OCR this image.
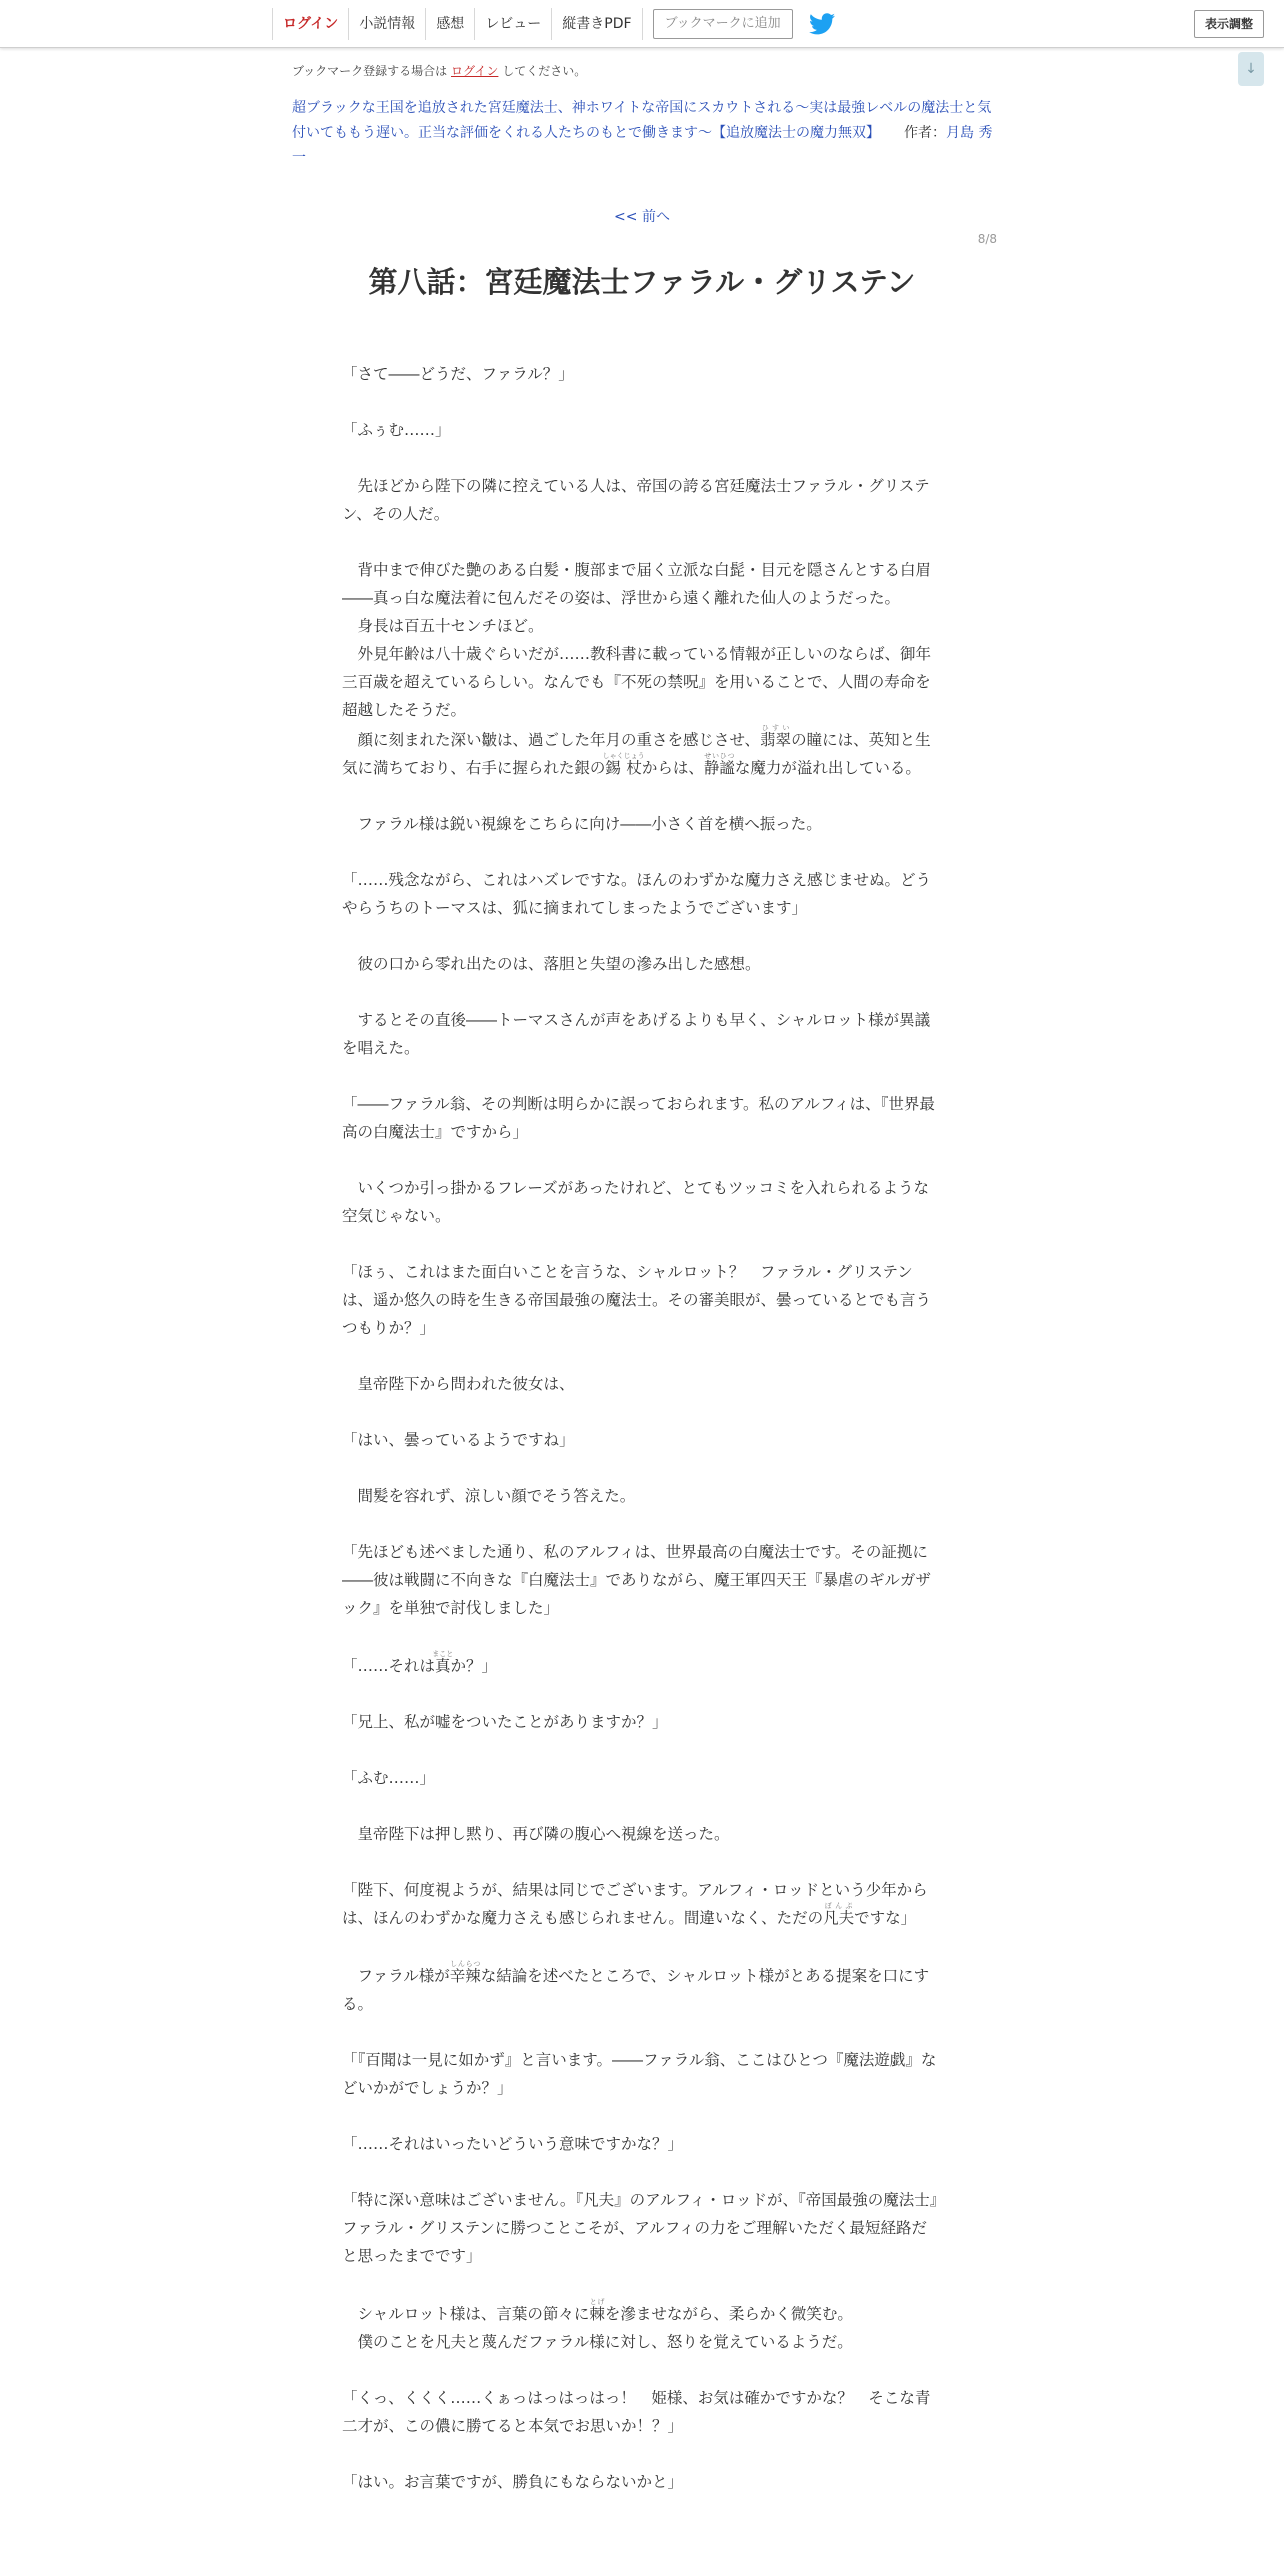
ログイン	小説情報	感想	レビュー	縦書きPDF	ブックマークに追加	表示調整
↓
ブックマーク登録する場合は ログイン してください。
超ブラックな王国を追放された宮廷魔法士、神ホワイトな帝国にスカウトされる～実は最強レベルの魔法士と気付いてももう遅い。正当な評価をくれる人たちのもとで働きます～【追放魔法士の魔力無双】 作者：月島 秀一
<< 前へ
8/8
第八話：宮廷魔法士ファラル・グリステン

「さて――どうだ、ファラル？」

「ふぅむ……」

　先ほどから陛下の隣に控えている人は、帝国の誇る宮廷魔法士ファラル・グリステン、その人だ。

　背中まで伸びた艶のある白髪・腹部まで届く立派な白髭・目元を隠さんとする白眉――真っ白な魔法着に包んだその姿は、浮世から遠く離れた仙人のようだった。

　身長は百五十センチほど。

　外見年齢は八十歳ぐらいだが……教科書に載っている情報が正しいのならば、御年三百歳を超えているらしい。なんでも『不死の禁呪』を用いることで、人間の寿命を超越したそうだ。

　顔に刻まれた深い皺は、過ごした年月の重さを感じさせ、翡翠ひすいの瞳には、英知と生気に満ちており、右手に握られた銀の錫杖しゃくじょうからは、静謐せいひつな魔力が溢れ出している。

　ファラル様は鋭い視線をこちらに向け――小さく首を横へ振った。

「……残念ながら、これはハズレですな。ほんのわずかな魔力さえ感じませぬ。どうやらうちのトーマスは、狐に摘まれてしまったようでございます」

　彼の口から零れ出たのは、落胆と失望の滲み出した感想。

　するとその直後――トーマスさんが声をあげるよりも早く、シャルロット様が異議を唱えた。

「――ファラル翁、その判断は明らかに誤っておられます。私のアルフィは、『世界最高の白魔法士』ですから」

　いくつか引っ掛かるフレーズがあったけれど、とてもツッコミを入れられるような空気じゃない。

「ほぅ、これはまた面白いことを言うな、シャルロット？　ファラル・グリステンは、遥か悠久の時を生きる帝国最強の魔法士。その審美眼が、曇っているとでも言うつもりか？」

　皇帝陛下から問われた彼女は、

「はい、曇っているようですね」

　間髪を容れず、涼しい顔でそう答えた。

「先ほども述べました通り、私のアルフィは、世界最高の白魔法士です。その証拠に――彼は戦闘に不向きな『白魔法士』でありながら、魔王軍四天王『暴虐のギルガザック』を単独で討伐しました」

「……それは真まことか？」

「兄上、私が嘘をついたことがありますか？」

「ふむ……」

　皇帝陛下は押し黙り、再び隣の腹心へ視線を送った。

「陛下、何度視ようが、結果は同じでございます。アルフィ・ロッドという少年からは、ほんのわずかな魔力さえも感じられません。間違いなく、ただの凡夫ぼんぷですな」

　ファラル様が辛辣しんらつな結論を述べたところで、シャルロット様がとある提案を口にする。

「『百聞は一見に如かず』と言います。――ファラル翁、ここはひとつ『魔法遊戯』などいかがでしょうか？」

「……それはいったいどういう意味ですかな？」

「特に深い意味はございません。『凡夫』のアルフィ・ロッドが、『帝国最強の魔法士』ファラル・グリステンに勝つことこそが、アルフィの力をご理解いただく最短経路だと思ったまでです」

　シャルロット様は、言葉の節々に棘とげを滲ませながら、柔らかく微笑む。

　僕のことを凡夫と蔑んだファラル様に対し、怒りを覚えているようだ。

「くっ、くくく……くぁっはっはっはっ！　姫様、お気は確かですかな？　そこな青二才が、この儂に勝てると本気でお思いか！？」

「はい。お言葉ですが、勝負にもならないかと」
